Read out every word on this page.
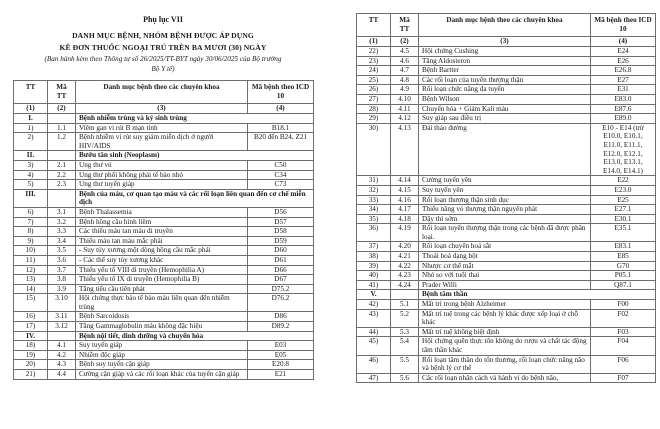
Phụ lục VII
DANH MỤC BỆNH, NHÓM BỆNH ĐƯỢC ÁP DỤNG
KÊ ĐƠN THUỐC NGOẠI TRÚ TRÊN BA MƯƠI (30) NGÀY
(Ban hành kèm theo Thông tư số 26/2025/TT-BYT ngày 30/06/2025 của Bộ trưởng Bộ Y tế)
TT	Mã TT	Danh mục bệnh theo các chuyên khoa	Mã bệnh theo ICD 10
(1)	(2)	(3)	(4)
I.		Bệnh nhiễm trùng và ký sinh trùng	
1)	1.1	Viêm gan vi rút B mạn tính	B18.1
2)	1.2	Bệnh nhiễm vi rút suy giảm miễn dịch ở người HIV/AIDS	B20 đến B24, Z21
II.		Bướu tân sinh (Neoplasm)	
3)	2.1	Ung thư vú	C50
4)	2.2	Ung thư phổi không phải tế bào nhỏ	C34
5)	2.3	Ung thư tuyến giáp	C73
III.		Bệnh của máu, cơ quan tạo máu và các rối loạn liên quan đến cơ chế miễn dịch	
6)	3.1	Bệnh Thalassemia	D56
7)	3.2	Bệnh hồng cầu hình liềm	D57
8)	3.3	Các thiếu máu tan máu di truyền	D58
9)	3.4	Thiếu máu tan máu mắc phải	D59
10)	3.5	- Suy tủy xương một dòng hồng cầu mắc phải	D60
11)	3.6	- Các thể suy tủy xương khác	D61
12)	3.7	Thiếu yếu tố VIII di truyền (Hemophilia A)	D66
13)	3.8	Thiếu yếu tố IX di truyền (Hemophilia B)	D67
14)	3.9	Tăng tiểu cầu tiên phát	D75.2
15)	3.10	Hội chứng thực bào tế bào máu liên quan đến nhiễm trùng	D76.2
16)	3.11	Bệnh Sarcoidosis	D86
17)	3.12	Tăng Gammaglobulin máu không đặc hiệu	D89.2
IV.		Bệnh nội tiết, dinh dưỡng và chuyển hóa	
18)	4.1	Suy tuyến giáp	E03
19)	4.2	Nhiễm độc giáp	E05
20)	4.3	Bệnh suy tuyến cận giáp	E20.8
21)	4.4	Cường cận giáp và các rối loạn khác của tuyến cận giáp	E21
TT	Mã TT	Danh mục bệnh theo các chuyên khoa	Mã bệnh theo ICD 10
(1)	(2)	(3)	(4)
22)	4.5	Hội chứng Cushing	E24
23)	4.6	Tăng Aldosteron	E26
24)	4.7	Bệnh Bartter	E26.8
25)	4.8	Các rối loạn của tuyến thượng thận	E27
26)	4.9	Rối loạn chức năng đa tuyến	E31
27)	4.10	Bệnh Wilson	E83.0
28)	4.11	Chuyển hóa + Giảm Kali máu	E87.6
29)	4.12	Suy giáp sau điều trị	E89.0
30)	4.13	Đái tháo đường	E10 - E14 (trừ E10.0, E10.1, E11.0, E11.1, E12.0, E12.1, E13.0, E13.1, E14.0, E14.1)
31)	4.14	Cường tuyến yên	E22
32)	4.15	Suy tuyến yên	E23.0
33)	4.16	Rối loạn thượng thận sinh dục	E25
34)	4.17	Thiểu năng vỏ thượng thận nguyên phát	E27.1
35)	4.18	Dậy thì sớm	E30.1
36)	4.19	Rối loạn tuyến thượng thận trong các bệnh đã được phân loại.	E35.1
37)	4.20	Rối loạn chuyển hoá sắt	E83.1
38)	4.21	Thoái hoá dạng bột	E85
39)	4.22	Nhược cơ thể mắt	G70
40)	4.23	Nhỏ so với tuổi thai	P05.1
41)	4.24	Prader Willi	Q87.1
V.		Bệnh tâm thần	
42)	5.1	Mất trí trong bệnh Alzheimer	F00
43)	5.2	Mất trí tuệ trong các bệnh lý khác được xếp loại ở chỗ khác	F02
44)	5.3	Mất trí tuệ không biệt định	F03
45)	5.4	Hội chứng quên thực tổn không do rượu và chất tác động tâm thần khác	F04
46)	5.5	Rối loạn tâm thần do tổn thương, rối loạn chức năng não và bệnh lý cơ thể	F06
47)	5.6	Các rối loạn nhân cách và hành vi do bệnh não,	F07
